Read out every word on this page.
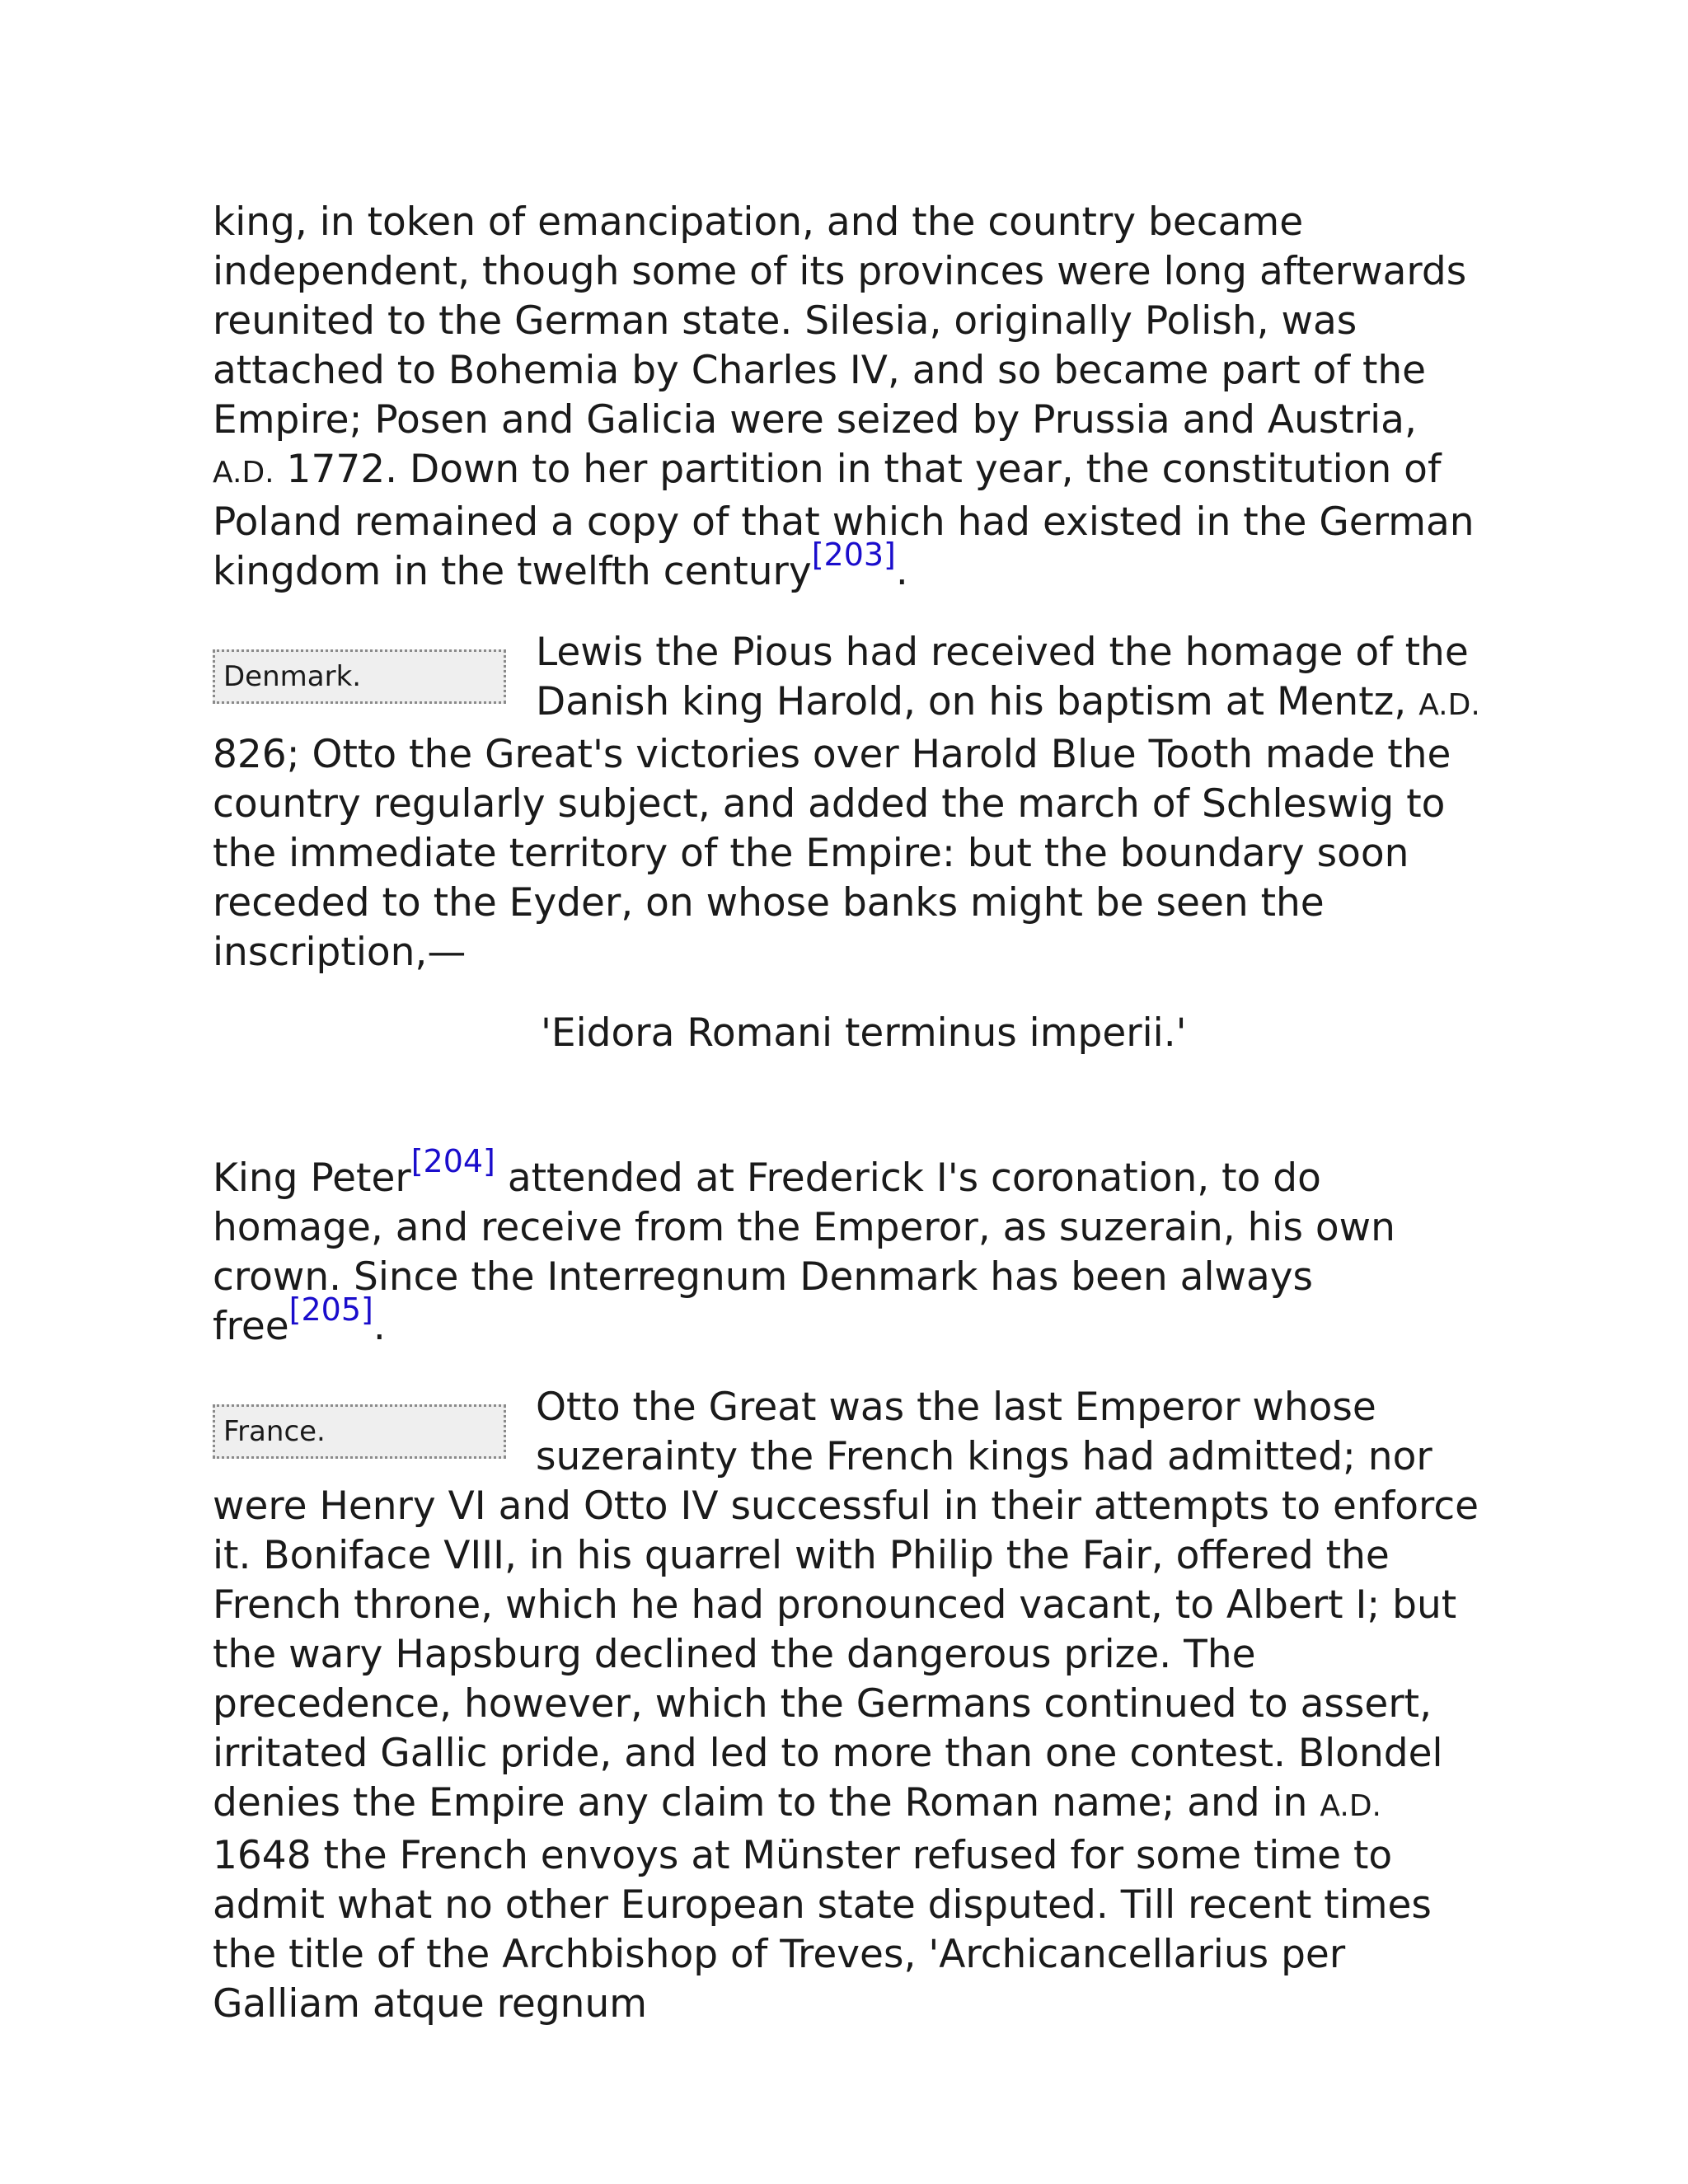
king, in token of emancipation, and the country became independent, though some of its provinces were long afterwards reunited to the German state. Silesia, originally Polish, was attached to Bohemia by Charles IV, and so became part of the Empire; Posen and Galicia were seized by Prussia and Austria, A.D. 1772. Down to her partition in that year, the constitution of Poland remained a copy of that which had existed in the German kingdom in the twelfth century[203].

Denmark.
Lewis the Pious had received the homage of the Danish king Harold, on his baptism at Mentz, A.D. 826; Otto the Great's victories over Harold Blue Tooth made the country regularly subject, and added the march of Schleswig to the immediate territory of the Empire: but the boundary soon receded to the Eyder, on whose banks might be seen the inscription,—

'Eidora Romani terminus imperii.'

King Peter[204] attended at Frederick I's coronation, to do homage, and receive from the Emperor, as suzerain, his own crown. Since the Interregnum Denmark has been always free[205].

France.
Otto the Great was the last Emperor whose suzerainty the French kings had admitted; nor were Henry VI and Otto IV successful in their attempts to enforce it. Boniface VIII, in his quarrel with Philip the Fair, offered the French throne, which he had pronounced vacant, to Albert I; but the wary Hapsburg declined the dangerous prize. The precedence, however, which the Germans continued to assert, irritated Gallic pride, and led to more than one contest. Blondel denies the Empire any claim to the Roman name; and in A.D. 1648 the French envoys at Münster refused for some time to admit what no other European state disputed. Till recent times the title of the Archbishop of Treves, 'Archicancellarius per Galliam atque regnum
